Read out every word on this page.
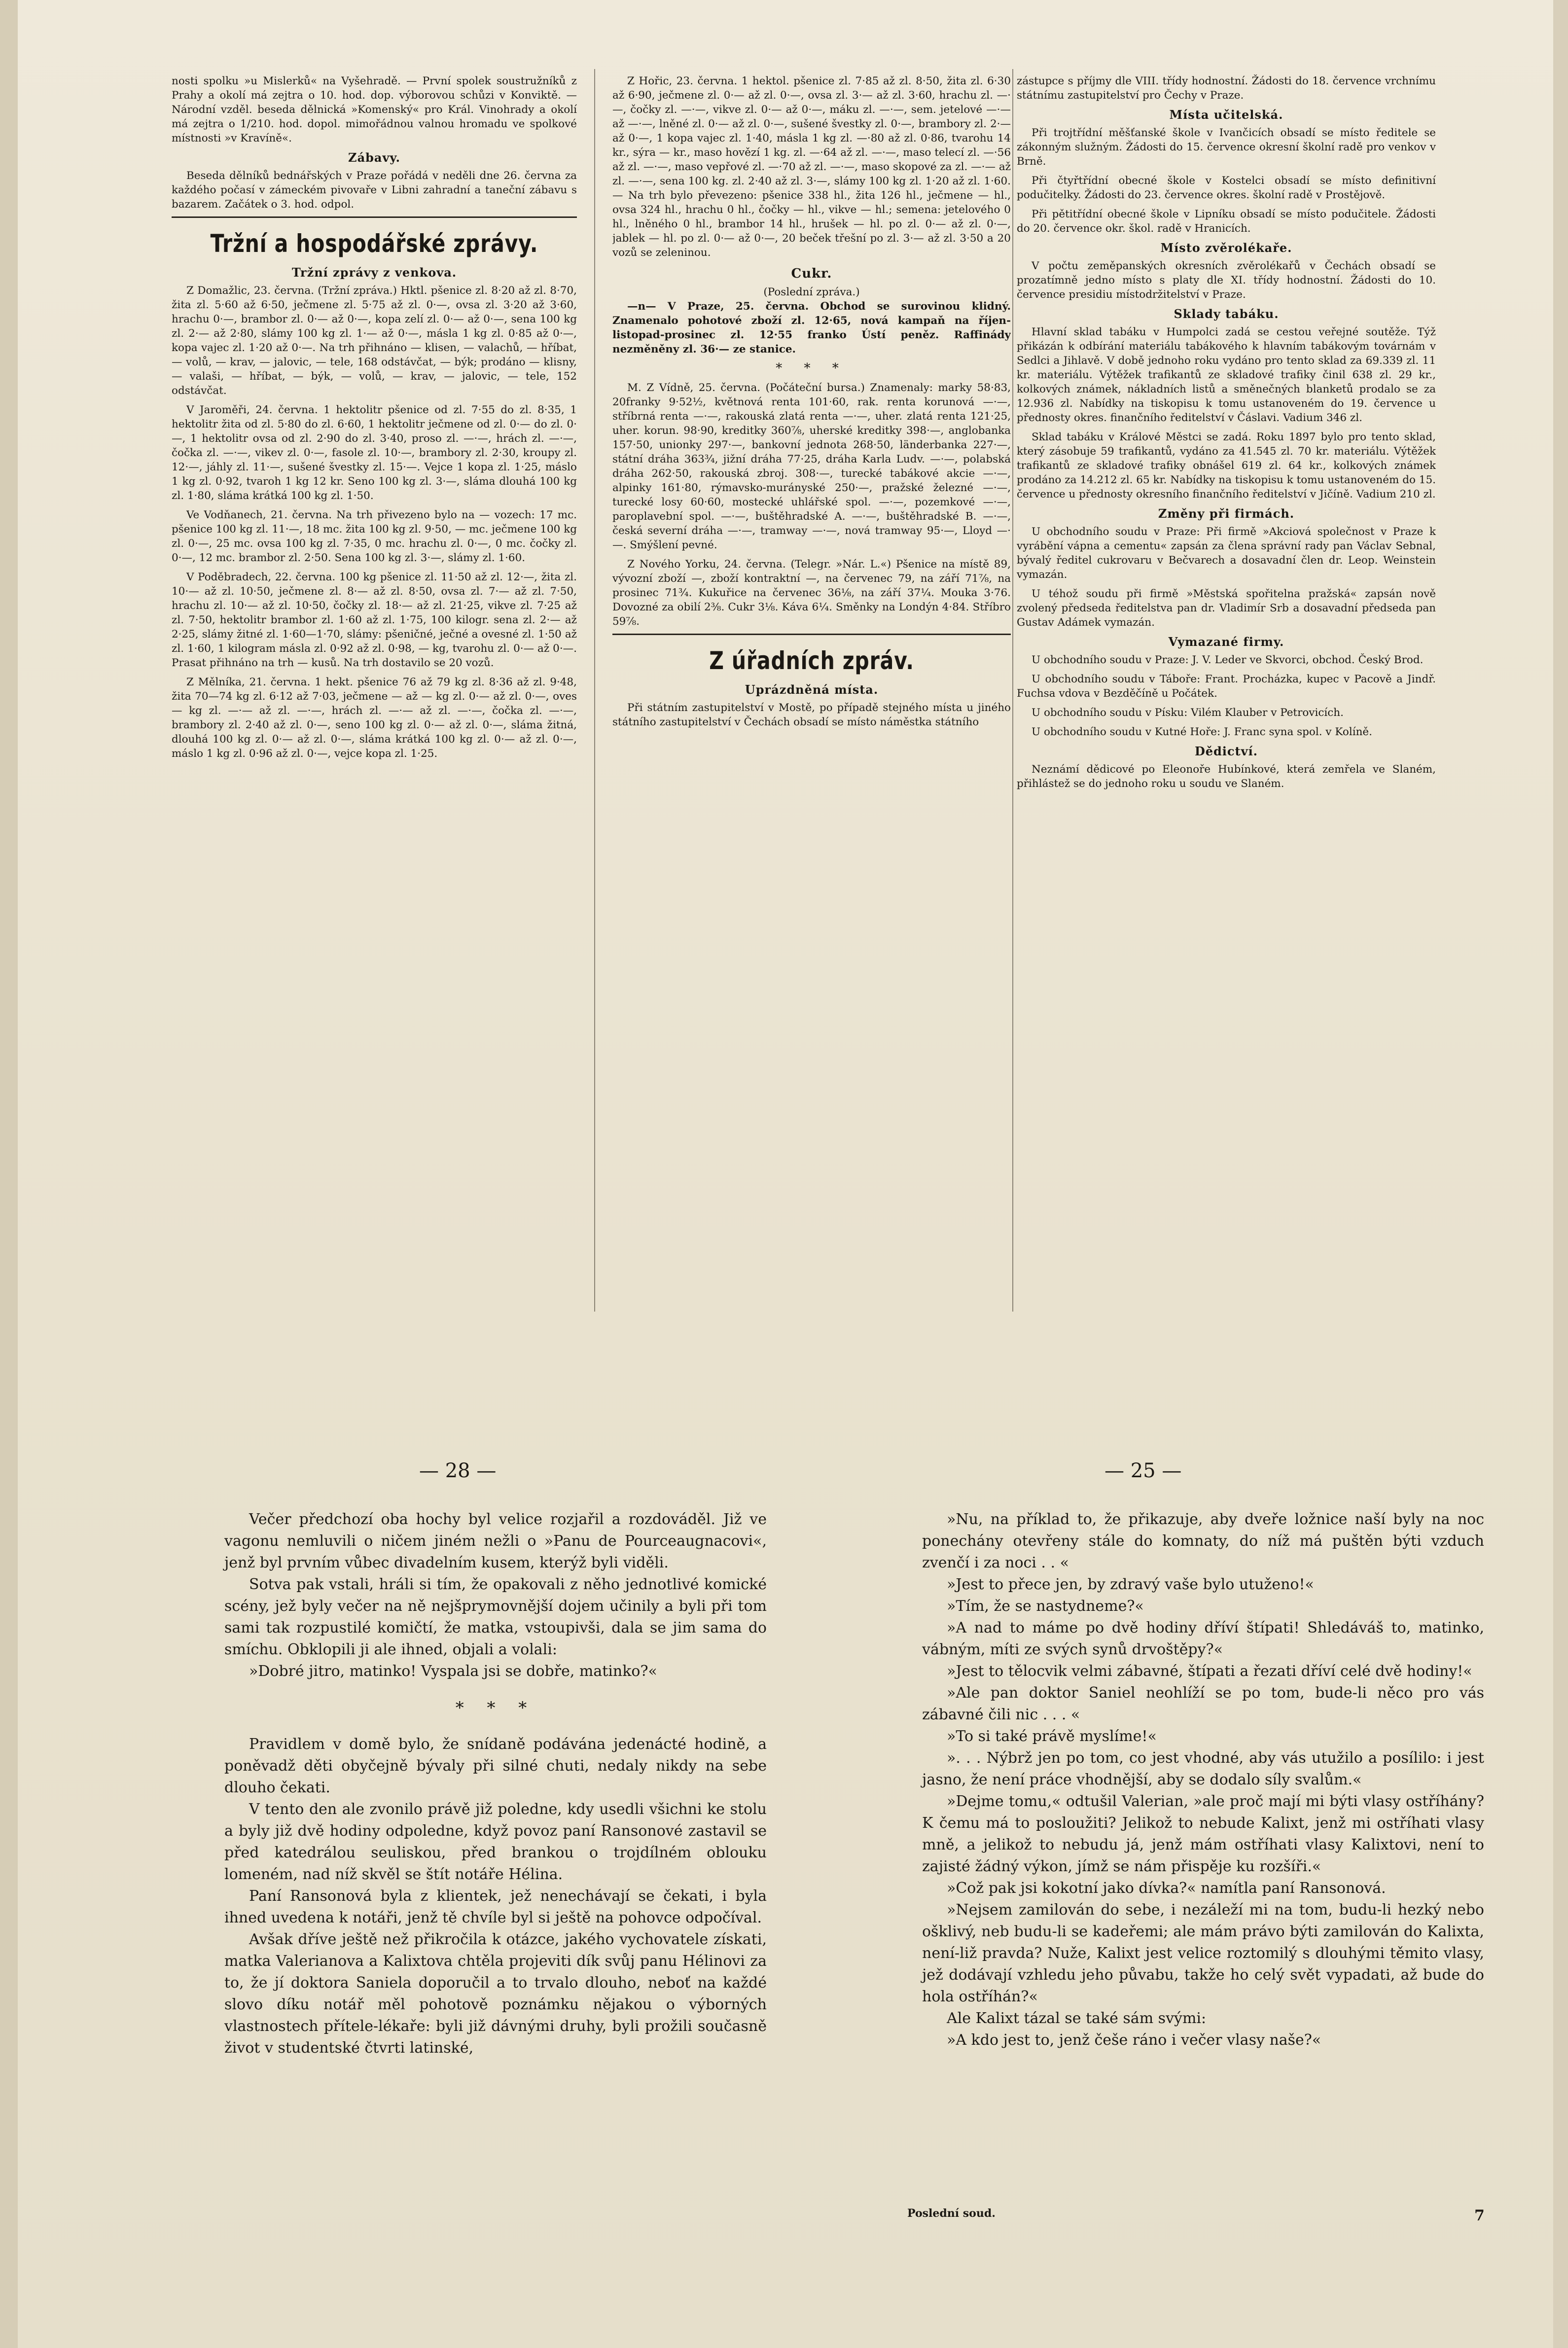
nosti spolku »u Mislerků« na Vyšehradě. — První spolek soustružníků z Prahy a okolí má zejtra o 10. hod. dop. výborovou schůzi v Konviktě. — Národní vzděl. beseda dělnická »Komenský« pro Král. Vinohrady a okolí má zejtra o 1/210. hod. dopol. mimořádnou valnou hromadu ve spolkové místnosti »v Kravíně«.

Zábavy.

Beseda dělníků bednářských v Praze pořádá v neděli dne 26. června za každého počasí v zámeckém pivovaře v Libni zahradní a taneční zábavu s bazarem. Začátek o 3. hod. odpol.

Tržní a hospodářské zprávy.
Tržní zprávy z venkova.

Z Domažlic, 23. června. (Tržní zpráva.) Hktl. pšenice zl. 8·20 až zl. 8·70, žita zl. 5·60 až 6·50, ječmene zl. 5·75 až zl. 0·—, ovsa zl. 3·20 až 3·60, hrachu 0·—, brambor zl. 0·— až 0·—, kopa zelí zl. 0·— až 0·—, sena 100 kg zl. 2·— až 2·80, slámy 100 kg zl. 1·— až 0·—, másla 1 kg zl. 0·85 až 0·—, kopa vajec zl. 1·20 až 0·—. Na trh přihnáno — klisen, — valachů, — hříbat, — volů, — krav, — jalovic, — tele, 168 odstávčat, — býk; prodáno — klisny, — valaši, — hříbat, — býk, — volů, — krav, — jalovic, — tele, 152 odstávčat.

V Jaroměři, 24. června. 1 hektolitr pšenice od zl. 7·55 do zl. 8·35, 1 hektolitr žita od zl. 5·80 do zl. 6·60, 1 hektolitr ječmene od zl. 0·— do zl. 0·—, 1 hektolitr ovsa od zl. 2·90 do zl. 3·40, proso zl. —·—, hrách zl. —·—, čočka zl. —·—, vikev zl. 0·—, fasole zl. 10·—, brambory zl. 2·30, kroupy zl. 12·—, jáhly zl. 11·—, sušené švestky zl. 15·—. Vejce 1 kopa zl. 1·25, máslo 1 kg zl. 0·92, tvaroh 1 kg 12 kr. Seno 100 kg zl. 3·—, sláma dlouhá 100 kg zl. 1·80, sláma krátká 100 kg zl. 1·50.

Ve Vodňanech, 21. června. Na trh přivezeno bylo na — vozech: 17 mc. pšenice 100 kg zl. 11·—, 18 mc. žita 100 kg zl. 9·50, — mc. ječmene 100 kg zl. 0·—, 25 mc. ovsa 100 kg zl. 7·35, 0 mc. hrachu zl. 0·—, 0 mc. čočky zl. 0·—, 12 mc. brambor zl. 2·50. Sena 100 kg zl. 3·—, slámy zl. 1·60.

V Poděbradech, 22. června. 100 kg pšenice zl. 11·50 až zl. 12·—, žita zl. 10·— až zl. 10·50, ječmene zl. 8·— až zl. 8·50, ovsa zl. 7·— až zl. 7·50, hrachu zl. 10·— až zl. 10·50, čočky zl. 18·— až zl. 21·25, vikve zl. 7·25 až zl. 7·50, hektolitr brambor zl. 1·60 až zl. 1·75, 100 kilogr. sena zl. 2·— až 2·25, slámy žitné zl. 1·60—1·70, slámy: pšeničné, ječné a ovesné zl. 1·50 až zl. 1·60, 1 kilogram másla zl. 0·92 až zl. 0·98, — kg, tvarohu zl. 0·— až 0·—. Prasat přihnáno na trh — kusů. Na trh dostavilo se 20 vozů.

Z Mělníka, 21. června. 1 hekt. pšenice 76 až 79 kg zl. 8·36 až zl. 9·48, žita 70—74 kg zl. 6·12 až 7·03, ječmene — až — kg zl. 0·— až zl. 0·—, oves — kg zl. —·— až zl. —·—, hrách zl. —·— až zl. —·—, čočka zl. —·—, brambory zl. 2·40 až zl. 0·—, seno 100 kg zl. 0·— až zl. 0·—, sláma žitná, dlouhá 100 kg zl. 0·— až zl. 0·—, sláma krátká 100 kg zl. 0·— až zl. 0·—, máslo 1 kg zl. 0·96 až zl. 0·—, vejce kopa zl. 1·25.

Z Hořic, 23. června. 1 hektol. pšenice zl. 7·85 až zl. 8·50, žita zl. 6·30 až 6·90, ječmene zl. 0·— až zl. 0·—, ovsa zl. 3·— až zl. 3·60, hrachu zl. —·—, čočky zl. —·—, vikve zl. 0·— až 0·—, máku zl. —·—, sem. jetelové —·— až —·—, lněné zl. 0·— až zl. 0·—, sušené švestky zl. 0·—, brambory zl. 2·— až 0·—, 1 kopa vajec zl. 1·40, másla 1 kg zl. —·80 až zl. 0·86, tvarohu 14 kr., sýra — kr., maso hovězí 1 kg. zl. —·64 až zl. —·—, maso telecí zl. —·56 až zl. —·—, maso vepřové zl. —·70 až zl. —·—, maso skopové za zl. —·— až zl. —·—, sena 100 kg. zl. 2·40 až zl. 3·—, slámy 100 kg zl. 1·20 až zl. 1·60. — Na trh bylo převezeno: pšenice 338 hl., žita 126 hl., ječmene — hl., ovsa 324 hl., hrachu 0 hl., čočky — hl., vikve — hl.; semena: jetelového 0 hl., lněného 0 hl., brambor 14 hl., hrušek — hl. po zl. 0·— až zl. 0·—, jablek — hl. po zl. 0·— až 0·—, 20 beček třešní po zl. 3·— až zl. 3·50 a 20 vozů se zeleninou.

Cukr.
(Poslední zpráva.)

—n— V Praze, 25. června. Obchod se surovinou klidný. Znamenalo pohotové zboží zl. 12·65, nová kampaň na říjen-listopad-prosinec zl. 12·55 franko Ústí peněz. Raffinády nezměněny zl. 36·— ze stanice.

* * *

M. Z Vídně, 25. června. (Počáteční bursa.) Znamenaly: marky 58·83, 20franky 9·52½, květnová renta 101·60, rak. renta korunová —·—, stříbrná renta —·—, rakouská zlatá renta —·—, uher. zlatá renta 121·25, uher. korun. 98·90, kreditky 360⅞, uherské kreditky 398·—, anglobanka 157·50, unionky 297·—, bankovní jednota 268·50, länderbanka 227·—, státní dráha 363¾, jižní dráha 77·25, dráha Karla Ludv. —·—, polabská dráha 262·50, rakouská zbroj. 308·—, turecké tabákové akcie —·—, alpinky 161·80, rýmavsko-murányské 250·—, pražské železné —·—, turecké losy 60·60, mostecké uhlářské spol. —·—, pozemkové —·—, paroplavební spol. —·—, buštěhradské A. —·—, buštěhradské B. —·—, česká severní dráha —·—, tramway —·—, nová tramway 95·—, Lloyd —·—. Smýšlení pevné.

Z Nového Yorku, 24. června. (Telegr. »Nár. L.«) Pšenice na místě 89, vývozní zboží —, zboží kontraktní —, na červenec 79, na září 71⅞, na prosinec 71¾. Kukuřice na červenec 36⅛, na září 37¼. Mouka 3·76. Dovozné za obilí 2⅜. Cukr 3⅛. Káva 6¼. Směnky na Londýn 4·84. Stříbro 59⅞.

Z úřadních zpráv.
Uprázdněná místa.

Při státním zastupitelství v Mostě, po případě stejného místa u jiného státního zastupitelství v Čechách obsadí se místo náměstka státního

zástupce s příjmy dle VIII. třídy hodnostní. Žádosti do 18. července vrchnímu státnímu zastupitelství pro Čechy v Praze.

Místa učitelská.

Při trojtřídní měšťanské škole v Ivančicích obsadí se místo ředitele se zákonným služným. Žádosti do 15. července okresní školní radě pro venkov v Brně.

Při čtyřtřídní obecné škole v Kostelci obsadí se místo definitivní podučitelky. Žádosti do 23. července okres. školní radě v Prostějově.

Při pětitřídní obecné škole v Lipníku obsadí se místo podučitele. Žádosti do 20. července okr. škol. radě v Hranicích.

Místo zvěrolékaře.

V počtu zeměpanských okresních zvěrolékařů v Čechách obsadí se prozatímně jedno místo s platy dle XI. třídy hodnostní. Žádosti do 10. července presidiu místodržitelství v Praze.

Sklady tabáku.

Hlavní sklad tabáku v Humpolci zadá se cestou veřejné soutěže. Týž přikázán k odbírání materiálu tabákového k hlavním tabákovým továrnám v Sedlci a Jihlavě. V době jednoho roku vydáno pro tento sklad za 69.339 zl. 11 kr. materiálu. Výtěžek trafikantů ze skladové trafiky činil 638 zl. 29 kr., kolkových známek, nákladních listů a směnečných blanketů prodalo se za 12.936 zl. Nabídky na tiskopisu k tomu ustanoveném do 19. července u přednosty okres. finančního ředitelství v Čáslavi. Vadium 346 zl.

Sklad tabáku v Králové Městci se zadá. Roku 1897 bylo pro tento sklad, který zásobuje 59 trafikantů, vydáno za 41.545 zl. 70 kr. materiálu. Výtěžek trafikantů ze skladové trafiky obnášel 619 zl. 64 kr., kolkových známek prodáno za 14.212 zl. 65 kr. Nabídky na tiskopisu k tomu ustanoveném do 15. července u přednosty okresního finančního ředitelství v Jičíně. Vadium 210 zl.

Změny při firmách.

U obchodního soudu v Praze: Při firmě »Akciová společnost v Praze k vyrábění vápna a cementu« zapsán za člena správní rady pan Václav Sebnal, bývalý ředitel cukrovaru v Bečvarech a dosavadní člen dr. Leop. Weinstein vymazán.

U téhož soudu při firmě »Městská spořitelna pražská« zapsán nově zvolený předseda ředitelstva pan dr. Vladimír Srb a dosavadní předseda pan Gustav Adámek vymazán.

Vymazané firmy.

U obchodního soudu v Praze: J. V. Leder ve Skvorci, obchod. Český Brod.

U obchodního soudu v Táboře: Frant. Procházka, kupec v Pacově a Jindř. Fuchsa vdova v Bezděčíně u Počátek.

U obchodního soudu v Písku: Vilém Klauber v Petrovicích.

U obchodního soudu v Kutné Hoře: J. Franc syna spol. v Kolíně.

Dědictví.

Neznámí dědicové po Eleonoře Hubínkové, která zemřela ve Slaném, přihlástež se do jednoho roku u soudu ve Slaném.

— 28 —	— 25 —

Večer předchozí oba hochy byl velice rozjařil a rozdováděl. Již ve vagonu nemluvili o ničem jiném nežli o »Panu de Pourceaugnacovi«, jenž byl prvním vůbec divadelním kusem, kterýž byli viděli.

Sotva pak vstali, hráli si tím, že opakovali z něho jednotlivé komické scény, jež byly večer na ně nejšprymovnější dojem učinily a byli při tom sami tak rozpustilé komičtí, že matka, vstoupivši, dala se jim sama do smíchu. Obklopili ji ale ihned, objali a volali:

»Dobré jitro, matinko! Vyspala jsi se dobře, matinko?«

* * *

Pravidlem v domě bylo, že snídaně podávána jedenácté hodině, a poněvadž děti obyčejně bývaly při silné chuti, nedaly nikdy na sebe dlouho čekati.

V tento den ale zvonilo právě již poledne, kdy usedli všichni ke stolu a byly již dvě hodiny odpoledne, když povoz paní Ransonové zastavil se před katedrálou seuliskou, před brankou o trojdílném oblouku lomeném, nad níž skvěl se štít notáře Hélina.

Paní Ransonová byla z klientek, jež nenechávají se čekati, i byla ihned uvedena k notáři, jenž tě chvíle byl si ještě na pohovce odpočíval.

Avšak dříve ještě než přikročila k otázce, jakého vychovatele získati, matka Valerianova a Kalixtova chtěla projeviti dík svůj panu Hélinovi za to, že jí doktora Saniela doporučil a to trvalo dlouho, neboť na každé slovo díku notář měl pohotově poznámku nějakou o výborných vlastnostech přítele-lékaře: byli již dávnými druhy, byli prožili současně život v studentské čtvrti latinské,

»Nu, na příklad to, že přikazuje, aby dveře ložnice naší byly na noc ponechány otevřeny stále do komnaty, do níž má puštěn býti vzduch zvenčí i za noci . . «

»Jest to přece jen, by zdravý vaše bylo utuženo!«

»Tím, že se nastydneme?«

»A nad to máme po dvě hodiny dříví štípati! Shledáváš to, matinko, vábným, míti ze svých synů drvoštěpy?«

»Jest to tělocvik velmi zábavné, štípati a řezati dříví celé dvě hodiny!«

»Ale pan doktor Saniel neohlíží se po tom, bude-li něco pro vás zábavné čili nic . . . «

»To si také právě myslíme!«

». . . Nýbrž jen po tom, co jest vhodné, aby vás utužilo a posílilo: i jest jasno, že není práce vhodnější, aby se dodalo síly svalům.«

»Dejme tomu,« odtušil Valerian, »ale proč mají mi býti vlasy ostříhány? K čemu má to posloužiti? Jelikož to nebude Kalixt, jenž mi ostříhati vlasy mně, a jelikož to nebudu já, jenž mám ostříhati vlasy Kalixtovi, není to zajisté žádný výkon, jímž se nám přispěje ku rozšíři.«

»Což pak jsi kokotní jako dívka?« namítla paní Ransonová.

»Nejsem zamilován do sebe, i nezáleží mi na tom, budu-li hezký nebo ošklivý, neb budu-li se kadeřemi; ale mám právo býti zamilován do Kalixta, není-liž pravda? Nuže, Kalixt jest velice roztomilý s dlouhými těmito vlasy, jež dodávají vzhledu jeho půvabu, takže ho celý svět vypadati, až bude do hola ostříhán?«

Ale Kalixt tázal se také sám svými:

»A kdo jest to, jenž češe ráno i večer vlasy naše?«

Poslední soud.	7
